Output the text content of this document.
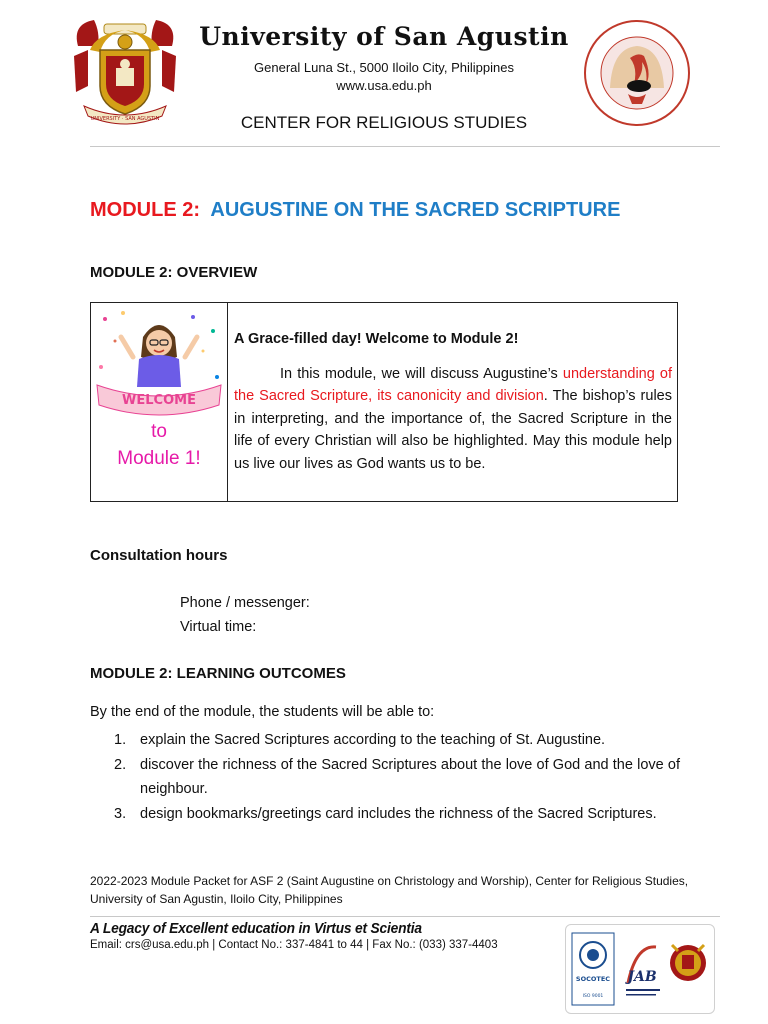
UNIVERSITY · SAN AGUSTIN
University of San Agustin
General Luna St., 5000 Iloilo City, Philippines
www.usa.edu.ph
CENTER FOR RELIGIOUS STUDIES
MODULE 2: AUGUSTINE ON THE SACRED SCRIPTURE
MODULE 2: OVERVIEW
WELCOME
to
Module 1!
A Grace-filled day! Welcome to Module 2!
In this module, we will discuss Augustine’s understanding of the Sacred Scripture, its canonicity and division. The bishop’s rules in interpreting, and the importance of, the Sacred Scripture in the life of every Christian will also be highlighted. May this module help us live our lives as God wants us to be.
Consultation hours
Phone / messenger:
Virtual time:
MODULE 2: LEARNING OUTCOMES
By the end of the module, the students will be able to:
1. explain the Sacred Scriptures according to the teaching of St. Augustine.
2. discover the richness of the Sacred Scriptures about the love of God and the love of neighbour.
3. design bookmarks/greetings card includes the richness of the Sacred Scriptures.
2022-2023 Module Packet for ASF 2 (Saint Augustine on Christology and Worship), Center for Religious Studies, University of San Agustin, Iloilo City, Philippines
A Legacy of Excellent education in Virtus et Scientia
Email: crs@usa.edu.ph | Contact No.: 337-4841 to 44 | Fax No.: (033) 337-4403
SOCOTEC
ISO 9001
JAB
